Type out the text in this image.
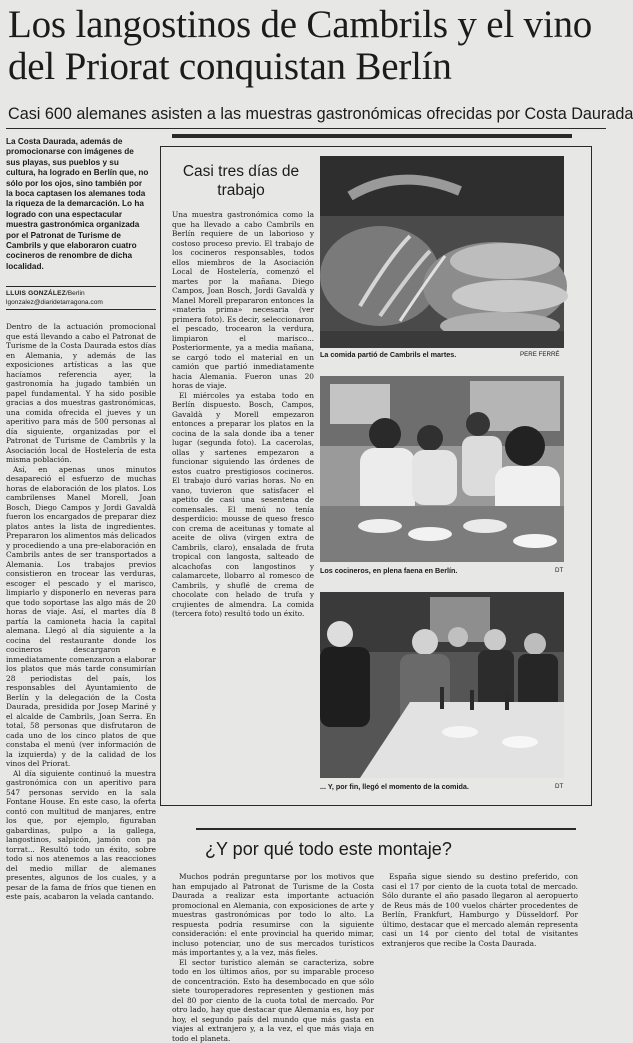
Los langostinos de Cambrils y el vino del Priorat conquistan Berlín
Casi 600 alemanes asisten a las muestras gastronómicas ofrecidas por Costa Daurada
La Costa Daurada, además de promocionarse con imágenes de sus playas, sus pueblos y su cultura, ha logrado en Berlín que, no sólo por los ojos, sino también por la boca captasen los alemanes toda la riqueza de la demarcación. Lo ha logrado con una espectacular muestra gastronómica organizada por el Patronat de Turisme de Cambrils y que elaboraron cuatro cocineros de renombre de dicha localidad.
LLUIS GONZÁLEZ/Berlin
lgonzalez@diaridetarragona.com

Dentro de la actuación promocional que está llevando a cabo el Patronat de Turisme de la Costa Daurada estos días en Alemania, y además de las exposiciones artísticas a las que hacíamos referencia ayer, la gastronomía ha jugado también un papel fundamental. Y ha sido posible gracias a dos muestras gastronómicas, una comida ofrecida el jueves y un aperitivo para más de 500 personas al día siguiente, organizadas por el Patronat de Turisme de Cambrils y la Asociación local de Hostelería de esta misma población.

Así, en apenas unos minutos desapareció el esfuerzo de muchas horas de elaboración de los platos. Los cambrilenses Manel Morell, Joan Bosch, Diego Campos y Jordi Gavaldà fueron los encargados de preparar diez platos antes la lista de ingredientes. Prepararon los alimentos más delicados y procediendo a una pre-elaboración en Cambrils antes de ser transportados a Alemania. Los trabajos previos consistieron en trocear las verduras, escoger el pescado y el marisco, limpiarlo y disponerlo en neveras para que todo soportase las algo más de 20 horas de viaje. Así, el martes día 8 partía la camioneta hacia la capital alemana. Llegó al día siguiente a la cocina del restaurante donde los cocineros descargaron e inmediatamente comenzaron a elaborar los platos que más tarde consumirían 28 periodistas del país, los responsables del Ayuntamiento de Berlín y la delegación de la Costa Daurada, presidida por Josep Mariné y el alcalde de Cambrils, Joan Serra. En total, 58 personas que disfrutaron de cada uno de los cinco platos de que constaba el menú (ver información de la izquierda) y de la calidad de los vinos del Priorat.

Al día siguiente continuó la muestra gastronómica con un aperitivo para 547 personas servido en la sala Fontane House. En este caso, la oferta contó con multitud de manjares, entre los que, por ejemplo, figuraban gabardinas, pulpo a la gallega, langostinos, salpicón, jamón con pa torrat... Resultó todo un éxito, sobre todo si nos atenemos a las reacciones del medio millar de alemanes presentes, algunos de los cuales, y a pesar de la fama de fríos que tienen en este país, acabaron la velada cantando.

Casi tres días de trabajo

Una muestra gastronómica como la que ha llevado a cabo Cambrils en Berlín requiere de un laborioso y costoso proceso previo. El trabajo de los cocineros responsables, todos ellos miembros de la Asociación Local de Hostelería, comenzó el martes por la mañana. Diego Campos, Joan Bosch, Jordi Gavaldà y Manel Morell prepararon entonces la «materia prima» necesaria (ver primera foto). Es decir, seleccionaron el pescado, trocearon la verdura, limpiaron el marisco... Posteriormente, ya a media mañana, se cargó todo el material en un camión que partió inmediatamente hacia Alemania. Fueron unas 20 horas de viaje.

El miércoles ya estaba todo en Berlín dispuesto. Bosch, Campos, Gavaldà y Morell empezaron entonces a preparar los platos en la cocina de la sala donde iba a tener lugar (segunda foto). La cacerolas, ollas y sartenes empezaron a funcionar siguiendo las órdenes de estos cuatro prestigiosos cocineros. El trabajo duró varias horas. No en vano, tuvieron que satisfacer el apetito de casi una sesentena de comensales. El menú no tenía desperdicio: mousse de queso fresco con crema de aceitunas y tomate al aceite de oliva (virgen extra de Cambrils, claro), ensalada de fruta tropical con langosta, salteado de alcachofas con langostinos y calamarcete, llobarro al romesco de Cambrils, y shuflé de crema de chocolate con helado de trufa y crujientes de almendra. La comida (tercera foto) resultó todo un éxito.

La comida partió de Cambrils el martes.	PERE FERRÉ
Los cocineros, en plena faena en Berlín.	DT
... Y, por fin, llegó el momento de la comida.	DT
¿Y por qué todo este montaje?

Muchos podrán preguntarse por los motivos que han empujado al Patronat de Turisme de la Costa Daurada a realizar esta importante actuación promocional en Alemania, con exposiciones de arte y muestras gastronómicas por todo lo alto. La respuesta podría resumirse con la siguiente consideración: el ente provincial ha querido mimar, incluso potenciar, uno de sus mercados turísticos más importantes y, a la vez, más fieles.

El sector turístico alemán se caracteriza, sobre todo en los últimos años, por su imparable proceso de concentración. Esto ha desembocado en que sólo siete touroperadores representen y gestionen más del 80 por ciento de la cuota total de mercado. Por otro lado, hay que destacar que Alemania es, hoy por hoy, el segundo país del mundo que más gasta en viajes al extranjero y, a la vez, el que más viaja en todo el planeta.

España sigue siendo su destino preferido, con casi el 17 por ciento de la cuota total de mercado. Sólo durante el año pasado llegaron al aeropuerto de Reus más de 100 vuelos chárter procedentes de Berlín, Frankfurt, Hamburgo y Düsseldorf. Por último, destacar que el mercado alemán representa casi un 14 por ciento del total de visitantes extranjeros que recibe la Costa Daurada.
